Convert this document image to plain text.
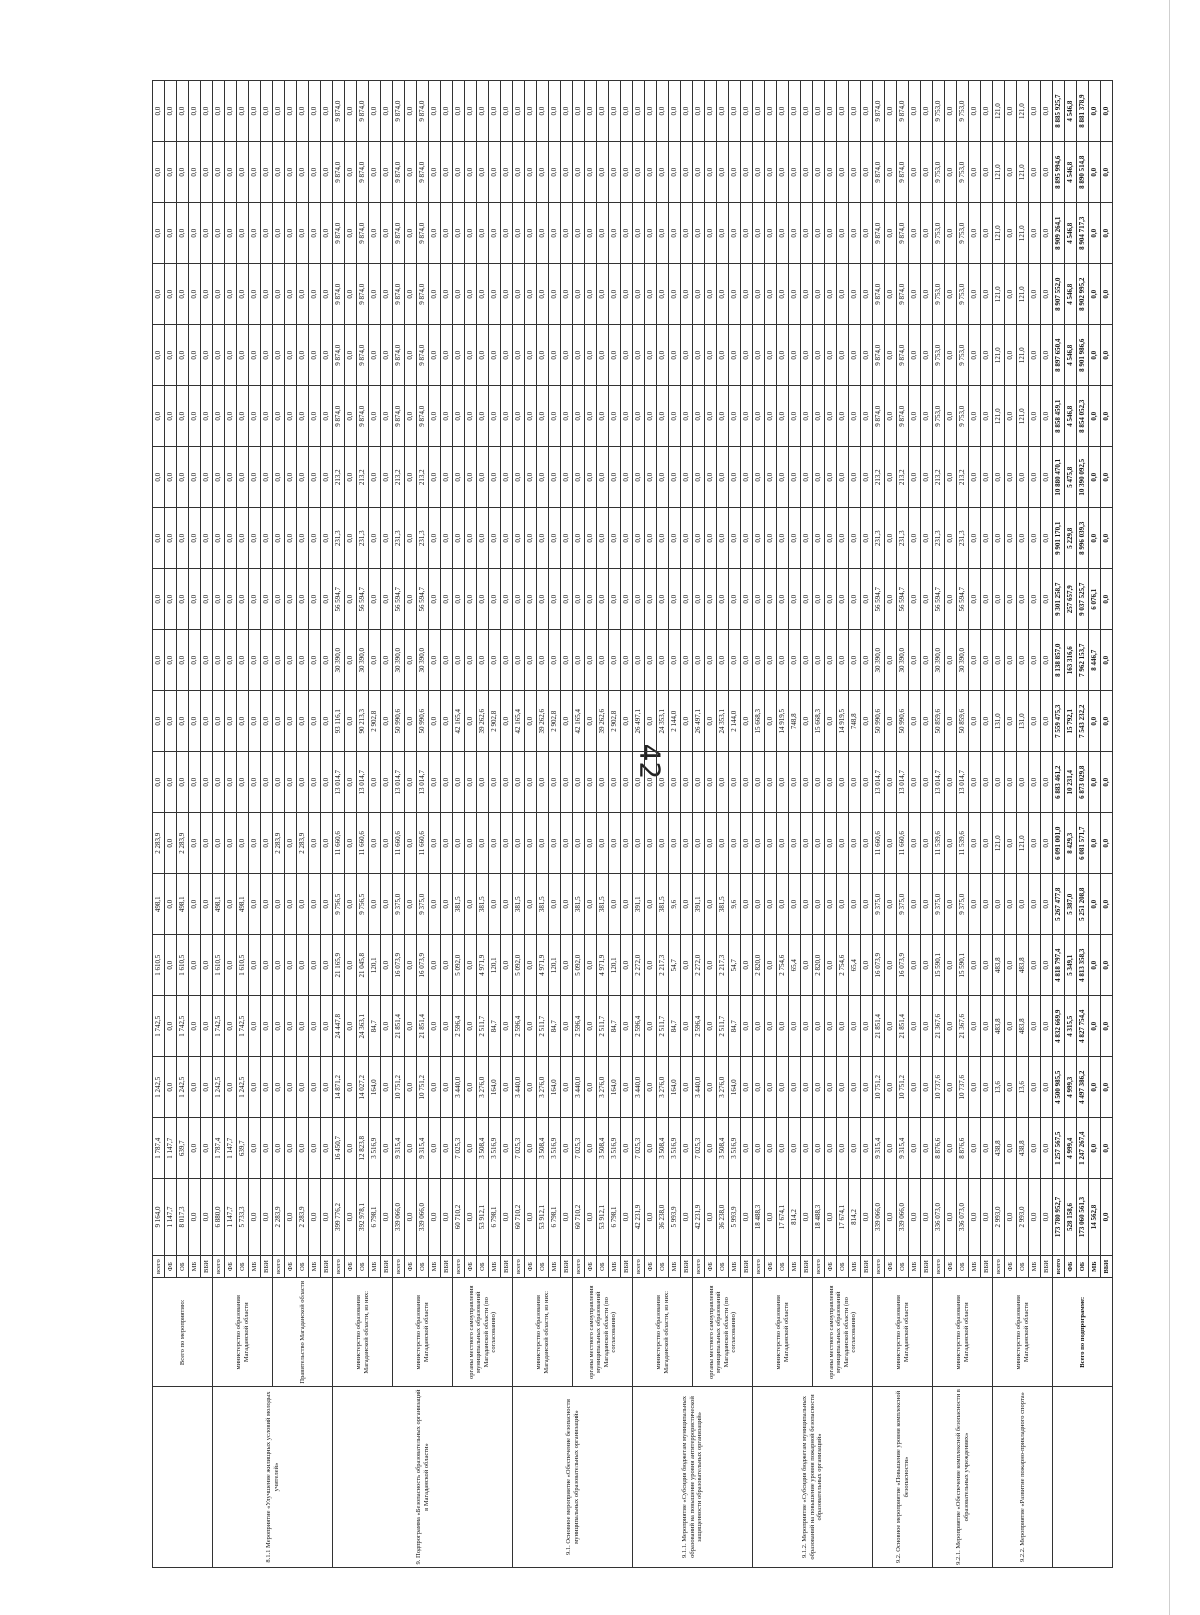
42
	Всего по мероприятию:	всего	9 164,0	1 787,4	1 242,5	1 742,5	1 610,5	498,1	2 283,9	0,0	0,0	0,0	0,0	0,0	0,0	0,0	0,0	0,0	0,0	0,0	0,0
		ФБ	1 147,7	1 147,7	0,0	0,0	0,0	0,0	0,0	0,0	0,0	0,0	0,0	0,0	0,0	0,0	0,0	0,0	0,0	0,0	0,0
		ОБ	8 017,3	639,7	1 242,5	1 742,5	1 610,5	498,1	2 283,9	0,0	0,0	0,0	0,0	0,0	0,0	0,0	0,0	0,0	0,0	0,0	0,0
		МБ	0,0	0,0	0,0	0,0	0,0	0,0	0,0	0,0	0,0	0,0	0,0	0,0	0,0	0,0	0,0	0,0	0,0	0,0	0,0
		ВБИ	0,0	0,0	0,0	0,0	0,0	0,0	0,0	0,0	0,0	0,0	0,0	0,0	0,0	0,0	0,0	0,0	0,0	0,0	0,0
8.1.1 Мероприятие «Улучшение жилищных условий молодых учителей»	министерство образования Магаданской области	всего	6 880,0	1 787,4	1 242,5	1 742,5	1 610,5	498,1	0,0	0,0	0,0	0,0	0,0	0,0	0,0	0,0	0,0	0,0	0,0	0,0	0,0
		ФБ	1 147,7	1 147,7	0,0	0,0	0,0	0,0	0,0	0,0	0,0	0,0	0,0	0,0	0,0	0,0	0,0	0,0	0,0	0,0	0,0
		ОБ	5 733,3	639,7	1 242,5	1 742,5	1 610,5	498,1	0,0	0,0	0,0	0,0	0,0	0,0	0,0	0,0	0,0	0,0	0,0	0,0	0,0
		МБ	0,0	0,0	0,0	0,0	0,0	0,0	0,0	0,0	0,0	0,0	0,0	0,0	0,0	0,0	0,0	0,0	0,0	0,0	0,0
		ВБИ	0,0	0,0	0,0	0,0	0,0	0,0	0,0	0,0	0,0	0,0	0,0	0,0	0,0	0,0	0,0	0,0	0,0	0,0	0,0
	Правительство Магаданской области	всего	2 283,9	0,0	0,0	0,0	0,0	0,0	2 283,9	0,0	0,0	0,0	0,0	0,0	0,0	0,0	0,0	0,0	0,0	0,0	0,0
		ФБ	0,0	0,0	0,0	0,0	0,0	0,0	0,0	0,0	0,0	0,0	0,0	0,0	0,0	0,0	0,0	0,0	0,0	0,0	0,0
		ОБ	2 283,9	0,0	0,0	0,0	0,0	0,0	2 283,9	0,0	0,0	0,0	0,0	0,0	0,0	0,0	0,0	0,0	0,0	0,0	0,0
		МБ	0,0	0,0	0,0	0,0	0,0	0,0	0,0	0,0	0,0	0,0	0,0	0,0	0,0	0,0	0,0	0,0	0,0	0,0	0,0
		ВБИ	0,0	0,0	0,0	0,0	0,0	0,0	0,0	0,0	0,0	0,0	0,0	0,0	0,0	0,0	0,0	0,0	0,0	0,0	0,0
9. Подпрограмма «Безопасность образовательных организаций в Магаданской области»	министерство образования Магаданской области, из них:	всего	399 776,2	16 450,7	14 871,2	24 447,8	21 165,9	9 756,5	11 660,6	13 014,7	93 116,1	30 390,0	56 594,7	231,3	213,2	9 874,0	9 874,0	9 874,0	9 874,0	9 874,0	9 874,0
		ФБ	0,0	0,0	0,0	0,0	0,0	0,0	0,0	0,0	0,0	0,0	0,0	0,0	0,0	0,0	0,0	0,0	0,0	0,0	0,0
		ОБ	392 978,1	12 823,8	14 027,2	24 363,1	21 045,8	9 756,5	11 660,6	13 014,7	90 213,3	30 390,0	56 594,7	231,3	213,2	9 874,0	9 874,0	9 874,0	9 874,0	9 874,0	9 874,0
		МБ	6 798,1	3 516,9	164,0	84,7	120,1	0,0	0,0	0,0	2 902,8	0,0	0,0	0,0	0,0	0,0	0,0	0,0	0,0	0,0	0,0
		ВБИ	0,0	0,0	0,0	0,0	0,0	0,0	0,0	0,0	0,0	0,0	0,0	0,0	0,0	0,0	0,0	0,0	0,0	0,0	0,0
	министерство образования Магаданской области	всего	339 066,0	9 315,4	10 751,2	21 851,4	16 073,9	9 375,0	11 660,6	13 014,7	50 990,6	30 390,0	56 594,7	231,3	213,2	9 874,0	9 874,0	9 874,0	9 874,0	9 874,0	9 874,0
		ФБ	0,0	0,0	0,0	0,0	0,0	0,0	0,0	0,0	0,0	0,0	0,0	0,0	0,0	0,0	0,0	0,0	0,0	0,0	0,0
		ОБ	339 066,0	9 315,4	10 751,2	21 851,4	16 073,9	9 375,0	11 660,6	13 014,7	50 990,6	30 390,0	56 594,7	231,3	213,2	9 874,0	9 874,0	9 874,0	9 874,0	9 874,0	9 874,0
		МБ	0,0	0,0	0,0	0,0	0,0	0,0	0,0	0,0	0,0	0,0	0,0	0,0	0,0	0,0	0,0	0,0	0,0	0,0	0,0
		ВБИ	0,0	0,0	0,0	0,0	0,0	0,0	0,0	0,0	0,0	0,0	0,0	0,0	0,0	0,0	0,0	0,0	0,0	0,0	0,0
	органы местного самоуправления муниципальных образований Магаданской области (по согласованию)	всего	60 710,2	7 025,3	3 440,0	2 596,4	5 092,0	381,5	0,0	0,0	42 165,4	0,0	0,0	0,0	0,0	0,0	0,0	0,0	0,0	0,0	0,0
		ФБ	0,0	0,0	0,0	0,0	0,0	0,0	0,0	0,0	0,0	0,0	0,0	0,0	0,0	0,0	0,0	0,0	0,0	0,0	0,0
		ОБ	53 912,1	3 508,4	3 276,0	2 511,7	4 971,9	381,5	0,0	0,0	39 262,6	0,0	0,0	0,0	0,0	0,0	0,0	0,0	0,0	0,0	0,0
		МБ	6 798,1	3 516,9	164,0	84,7	120,1	0,0	0,0	0,0	2 902,8	0,0	0,0	0,0	0,0	0,0	0,0	0,0	0,0	0,0	0,0
		ВБИ	0,0	0,0	0,0	0,0	0,0	0,0	0,0	0,0	0,0	0,0	0,0	0,0	0,0	0,0	0,0	0,0	0,0	0,0	0,0
9.1. Основное мероприятие «Обеспечение безопасности муниципальных образовательных организаций»	министерство образования Магаданской области, из них:	всего	60 710,2	7 025,3	3 440,0	2 596,4	5 092,0	381,5	0,0	0,0	42 165,4	0,0	0,0	0,0	0,0	0,0	0,0	0,0	0,0	0,0	0,0
		ФБ	0,0	0,0	0,0	0,0	0,0	0,0	0,0	0,0	0,0	0,0	0,0	0,0	0,0	0,0	0,0	0,0	0,0	0,0	0,0
		ОБ	53 912,1	3 508,4	3 276,0	2 511,7	4 971,9	381,5	0,0	0,0	39 262,6	0,0	0,0	0,0	0,0	0,0	0,0	0,0	0,0	0,0	0,0
		МБ	6 798,1	3 516,9	164,0	84,7	120,1	0,0	0,0	0,0	2 902,8	0,0	0,0	0,0	0,0	0,0	0,0	0,0	0,0	0,0	0,0
		ВБИ	0,0	0,0	0,0	0,0	0,0	0,0	0,0	0,0	0,0	0,0	0,0	0,0	0,0	0,0	0,0	0,0	0,0	0,0	0,0
	органы местного самоуправления муниципальных образований Магаданской области (по согласованию)	всего	60 710,2	7 025,3	3 440,0	2 596,4	5 092,0	381,5	0,0	0,0	42 165,4	0,0	0,0	0,0	0,0	0,0	0,0	0,0	0,0	0,0	0,0
		ФБ	0,0	0,0	0,0	0,0	0,0	0,0	0,0	0,0	0,0	0,0	0,0	0,0	0,0	0,0	0,0	0,0	0,0	0,0	0,0
		ОБ	53 912,1	3 508,4	3 276,0	2 511,7	4 971,9	381,5	0,0	0,0	39 262,6	0,0	0,0	0,0	0,0	0,0	0,0	0,0	0,0	0,0	0,0
		МБ	6 798,1	3 516,9	164,0	84,7	120,1	0,0	0,0	0,0	2 902,8	0,0	0,0	0,0	0,0	0,0	0,0	0,0	0,0	0,0	0,0
		ВБИ	0,0	0,0	0,0	0,0	0,0	0,0	0,0	0,0	0,0	0,0	0,0	0,0	0,0	0,0	0,0	0,0	0,0	0,0	0,0
9.1.1. Мероприятие «Субсидия бюджетам муниципальных образований на повышение уровня антитеррористической защищенности образовательных организаций»	министерство образования Магаданской области, из них:	всего	42 231,9	7 025,3	3 440,0	2 596,4	2 272,0	391,1	0,0	0,0	26 497,1	0,0	0,0	0,0	0,0	0,0	0,0	0,0	0,0	0,0	0,0
		ФБ	0,0	0,0	0,0	0,0	0,0	0,0	0,0	0,0	0,0	0,0	0,0	0,0	0,0	0,0	0,0	0,0	0,0	0,0	0,0
		ОБ	36 238,0	3 508,4	3 276,0	2 511,7	2 217,3	381,5	0,0	0,0	24 353,1	0,0	0,0	0,0	0,0	0,0	0,0	0,0	0,0	0,0	0,0
		МБ	5 993,9	3 516,9	164,0	84,7	54,7	9,6	0,0	0,0	2 144,0	0,0	0,0	0,0	0,0	0,0	0,0	0,0	0,0	0,0	0,0
		ВБИ	0,0	0,0	0,0	0,0	0,0	0,0	0,0	0,0	0,0	0,0	0,0	0,0	0,0	0,0	0,0	0,0	0,0	0,0	0,0
	органы местного самоуправления муниципальных образований Магаданской области (по согласованию)	всего	42 231,9	7 025,3	3 440,0	2 596,4	2 272,0	391,1	0,0	0,0	26 497,1	0,0	0,0	0,0	0,0	0,0	0,0	0,0	0,0	0,0	0,0
		ФБ	0,0	0,0	0,0	0,0	0,0	0,0	0,0	0,0	0,0	0,0	0,0	0,0	0,0	0,0	0,0	0,0	0,0	0,0	0,0
		ОБ	36 238,0	3 508,4	3 276,0	2 511,7	2 217,3	381,5	0,0	0,0	24 353,1	0,0	0,0	0,0	0,0	0,0	0,0	0,0	0,0	0,0	0,0
		МБ	5 993,9	3 516,9	164,0	84,7	54,7	9,6	0,0	0,0	2 144,0	0,0	0,0	0,0	0,0	0,0	0,0	0,0	0,0	0,0	0,0
		ВБИ	0,0	0,0	0,0	0,0	0,0	0,0	0,0	0,0	0,0	0,0	0,0	0,0	0,0	0,0	0,0	0,0	0,0	0,0	0,0
9.1.2. Мероприятие «Субсидия бюджетам муниципальных образований на повышение уровня пожарной безопасности образовательных организаций»	министерство образования Магаданской области	всего	18 488,3	0,0	0,0	0,0	2 820,0	0,0	0,0	0,0	15 668,3	0,0	0,0	0,0	0,0	0,0	0,0	0,0	0,0	0,0	0,0
		ФБ	0,0	0,0	0,0	0,0	0,0	0,0	0,0	0,0	0,0	0,0	0,0	0,0	0,0	0,0	0,0	0,0	0,0	0,0	0,0
		ОБ	17 674,1	0,0	0,0	0,0	2 754,6	0,0	0,0	0,0	14 919,5	0,0	0,0	0,0	0,0	0,0	0,0	0,0	0,0	0,0	0,0
		МБ	814,2	0,0	0,0	0,0	65,4	0,0	0,0	0,0	748,8	0,0	0,0	0,0	0,0	0,0	0,0	0,0	0,0	0,0	0,0
		ВБИ	0,0	0,0	0,0	0,0	0,0	0,0	0,0	0,0	0,0	0,0	0,0	0,0	0,0	0,0	0,0	0,0	0,0	0,0	0,0
	органы местного самоуправления муниципальных образований Магаданской области (по согласованию)	всего	18 488,3	0,0	0,0	0,0	2 820,0	0,0	0,0	0,0	15 668,3	0,0	0,0	0,0	0,0	0,0	0,0	0,0	0,0	0,0	0,0
		ФБ	0,0	0,0	0,0	0,0	0,0	0,0	0,0	0,0	0,0	0,0	0,0	0,0	0,0	0,0	0,0	0,0	0,0	0,0	0,0
		ОБ	17 674,1	0,0	0,0	0,0	2 754,6	0,0	0,0	0,0	14 919,5	0,0	0,0	0,0	0,0	0,0	0,0	0,0	0,0	0,0	0,0
		МБ	814,2	0,0	0,0	0,0	65,4	0,0	0,0	0,0	748,8	0,0	0,0	0,0	0,0	0,0	0,0	0,0	0,0	0,0	0,0
		ВБИ	0,0	0,0	0,0	0,0	0,0	0,0	0,0	0,0	0,0	0,0	0,0	0,0	0,0	0,0	0,0	0,0	0,0	0,0	0,0
9.2. Основное мероприятие «Повышение уровня комплексной безопасности»	министерство образования Магаданской области	всего	339 066,0	9 315,4	10 751,2	21 851,4	16 073,9	9 375,0	11 660,6	13 014,7	50 990,6	30 390,0	56 594,7	231,3	213,2	9 874,0	9 874,0	9 874,0	9 874,0	9 874,0	9 874,0
		ФБ	0,0	0,0	0,0	0,0	0,0	0,0	0,0	0,0	0,0	0,0	0,0	0,0	0,0	0,0	0,0	0,0	0,0	0,0	0,0
		ОБ	339 066,0	9 315,4	10 751,2	21 851,4	16 073,9	9 375,0	11 660,6	13 014,7	50 990,6	30 390,0	56 594,7	231,3	213,2	9 874,0	9 874,0	9 874,0	9 874,0	9 874,0	9 874,0
		МБ	0,0	0,0	0,0	0,0	0,0	0,0	0,0	0,0	0,0	0,0	0,0	0,0	0,0	0,0	0,0	0,0	0,0	0,0	0,0
		ВБИ	0,0	0,0	0,0	0,0	0,0	0,0	0,0	0,0	0,0	0,0	0,0	0,0	0,0	0,0	0,0	0,0	0,0	0,0	0,0
9.2.1. Мероприятие «Обеспечение комплексной безопасности в образовательных учреждениях»	министерство образования Магаданской области	всего	336 073,0	8 876,6	10 737,6	21 367,6	15 590,1	9 375,0	11 539,6	13 014,7	50 859,6	30 390,0	56 594,7	231,3	213,2	9 753,0	9 753,0	9 753,0	9 753,0	9 753,0	9 753,0
		ФБ	0,0	0,0	0,0	0,0	0,0	0,0	0,0	0,0	0,0	0,0	0,0	0,0	0,0	0,0	0,0	0,0	0,0	0,0	0,0
		ОБ	336 073,0	8 876,6	10 737,6	21 367,6	15 590,1	9 375,0	11 539,6	13 014,7	50 859,6	30 390,0	56 594,7	231,3	213,2	9 753,0	9 753,0	9 753,0	9 753,0	9 753,0	9 753,0
		МБ	0,0	0,0	0,0	0,0	0,0	0,0	0,0	0,0	0,0	0,0	0,0	0,0	0,0	0,0	0,0	0,0	0,0	0,0	0,0
		ВБИ	0,0	0,0	0,0	0,0	0,0	0,0	0,0	0,0	0,0	0,0	0,0	0,0	0,0	0,0	0,0	0,0	0,0	0,0	0,0
9.2.2. Мероприятие «Развитие пожарно-прикладного спорта»	министерство образования Магаданской области	всего	2 993,0	438,8	13,6	483,8	483,8	0,0	121,0	0,0	131,0	0,0	0,0	0,0	0,0	121,0	121,0	121,0	121,0	121,0	121,0
		ФБ	0,0	0,0	0,0	0,0	0,0	0,0	0,0	0,0	0,0	0,0	0,0	0,0	0,0	0,0	0,0	0,0	0,0	0,0	0,0
		ОБ	2 993,0	438,8	13,6	483,8	483,8	0,0	121,0	0,0	131,0	0,0	0,0	0,0	0,0	121,0	121,0	121,0	121,0	121,0	121,0
		МБ	0,0	0,0	0,0	0,0	0,0	0,0	0,0	0,0	0,0	0,0	0,0	0,0	0,0	0,0	0,0	0,0	0,0	0,0	0,0
		ВБИ	0,0	0,0	0,0	0,0	0,0	0,0	0,0	0,0	0,0	0,0	0,0	0,0	0,0	0,0	0,0	0,0	0,0	0,0	0,0
	Всего по подпрограмме:	всего	173 780 952,7	1 257 567,5	4 500 985,5	4 832 669,9	4 818 797,4	5 267 477,8	6 091 001,0	6 883 461,2	7 559 475,3	8 138 857,0	9 301 258,7	9 901 170,1	10 880 470,1	8 858 459,1	8 897 650,4	8 907 552,0	8 909 264,1	8 895 994,6	8 885 925,7
		ФБ	528 158,6	4 999,4	4 999,3	4 315,5	5 349,1	5 387,0	8 429,3	10 231,4	15 792,1	163 316,6	257 657,9	5 229,8	5 475,8	4 546,8	4 546,8	4 546,8	4 546,8	4 546,8	4 546,8
		ОБ	173 060 561,3	1 247 267,4	4 497 386,2	4 827 754,4	4 813 358,3	5 251 208,8	6 081 571,7	6 873 029,8	7 543 232,2	7 962 153,7	9 037 525,7	8 996 039,3	10 390 092,5	8 854 052,3	8 901 986,6	8 902 995,2	8 904 717,3	8 890 514,8	8 881 378,9
		МБ	14 562,8	0,0	0,0	0,0	0,0	0,0	0,0	0,0	0,0	8 446,7	6 076,1	0,0	0,0	0,0	0,0	0,0	0,0	0,0	0,0
		ВБИ	0,0	0,0	0,0	0,0	0,0	0,0	0,0	0,0	0,0	0,0	0,0	0,0	0,0	0,0	0,0	0,0	0,0	0,0	0,0
